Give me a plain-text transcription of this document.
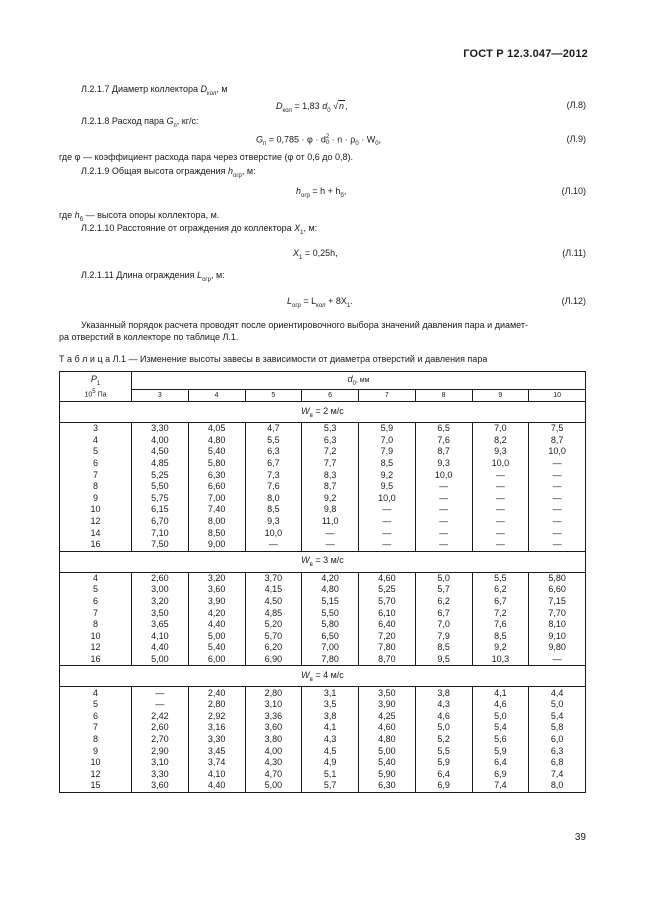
ГОСТ Р 12.3.047—2012
Л.2.1.7 Диаметр коллектора $D_{кол}$, м
$D_{кол} = 1,83$ $d_0$ √n,	(Л.8)
Л.2.1.8 Расход пара $G_п$, кг/с:
$G_п = 0,785 \cdot \varphi \cdot d$ 2
$0 \cdot n \cdot \rho_0 \cdot W_0$,	(Л.9)
где φ — коэффициент расхода пара через отверстие (φ от 0,6 до 0,8).
Л.2.1.9 Общая высота ограждения $h_{огр}$, м:
$h_{огр} = h + h_б$,	(Л.10)
где $h_б$ — высота опоры коллектора, м.
Л.2.1.10 Расстояние от ограждения до коллектора $X_1$, м:
$X_1 = 0,25h$,	(Л.11)
Л.2.1.11 Длина ограждения $L_{огр}$, м:
$L_{огр} = L_{кол} + 8X_1$.	(Л.12)
Указанный порядок расчета проводят после ориентировочного выбора значений давления пара и диамет-
ра отверстий в коллекторе по таблице Л.1.
Т а б л и ц а Л.1 — Изменение высоты завесы в зависимости от диаметра отверстий и давления пара
$P_1$
$10^5$ Па	$d_0$, мм							
	3	4	5	6	7	8	9	10
$W_в = 2$ м/с								
3	3,30	4,05	4,7	5,3	5,9	6,5	7,0	7,5
4	4,00	4,80	5,5	6,3	7,0	7,6	8,2	8,7
5	4,50	5,40	6,3	7,2	7,9	8,7	9,3	10,0
6	4,85	5,80	6,7	7,7	8,5	9,3	10,0	—
7	5,25	6,30	7,3	8,3	9,2	10,0	—	—
8	5,50	6,60	7,6	8,7	9,5	—	—	—
9	5,75	7,00	8,0	9,2	10,0	—	—	—
10	6,15	7,40	8,5	9,8	—	—	—	—
12	6,70	8,00	9,3	11,0	—	—	—	—
14	7,10	8,50	10,0	—	—	—	—	—
16	7,50	9,00	—	—	—	—	—	—
$W_в = 3$ м/с								
4	2,60	3,20	3,70	4,20	4,60	5,0	5,5	5,80
5	3,00	3,60	4,15	4,80	5,25	5,7	6,2	6,60
6	3,20	3,90	4,50	5,15	5,70	6,2	6,7	7,15
7	3,50	4,20	4,85	5,50	6,10	6,7	7,2	7,70
8	3,65	4,40	5,20	5,80	6,40	7,0	7,6	8,10
10	4,10	5,00	5,70	6,50	7,20	7,9	8,5	9,10
12	4,40	5,40	6,20	7,00	7,80	8,5	9,2	9,80
16	5,00	6,00	6,90	7,80	8,70	9,5	10,3	—
$W_в = 4$ м/с								
4	—	2,40	2,80	3,1	3,50	3,8	4,1	4,4
5	—	2,80	3,10	3,5	3,90	4,3	4,6	5,0
6	2,42	2,92	3,36	3,8	4,25	4,6	5,0	5,4
7	2,60	3,16	3,60	4,1	4,60	5,0	5,4	5,8
8	2,70	3,30	3,80	4,3	4,80	5,2	5,6	6,0
9	2,90	3,45	4,00	4,5	5,00	5,5	5,9	6,3
10	3,10	3,74	4,30	4,9	5,40	5,9	6,4	6,8
12	3,30	4,10	4,70	5,1	5,90	6,4	6,9	7,4
15	3,60	4,40	5,00	5,7	6,30	6,9	7,4	8,0
39
